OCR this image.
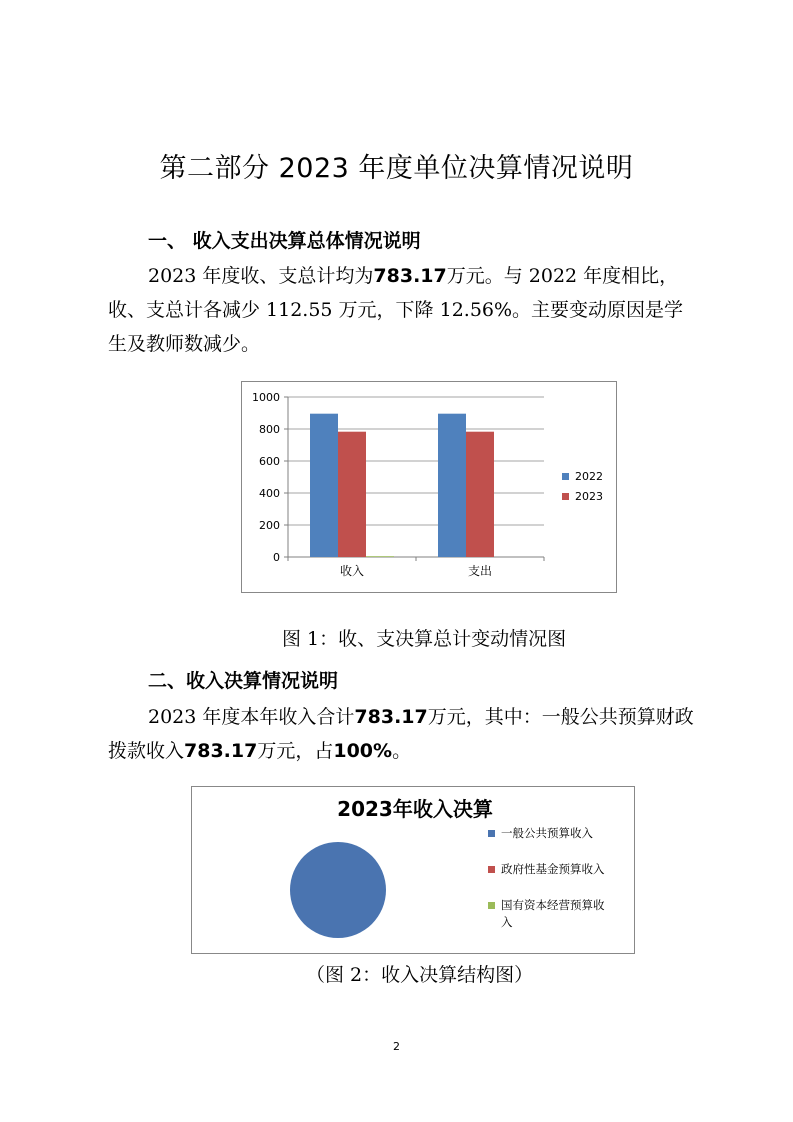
第二部分 2023 年度单位决算情况说明
一、 收入支出决算总体情况说明
2023 年度收、支总计均为783.17万元。与 2022 年度相比，收、支总计各减少 112.55 万元，下降 12.56%。主要变动原因是学生及教师数减少。
0
200
400
600
800
1000
收入	支出
2022
2023
图 1：收、支决算总计变动情况图
二、收入决算情况说明
2023 年度本年收入合计783.17万元，其中：一般公共预算财政拨款收入783.17万元，占100%。
2023年收入决算
一般公共预算收入
政府性基金预算收入
国有资本经营预算收
入
（图 2：收入决算结构图）
2
